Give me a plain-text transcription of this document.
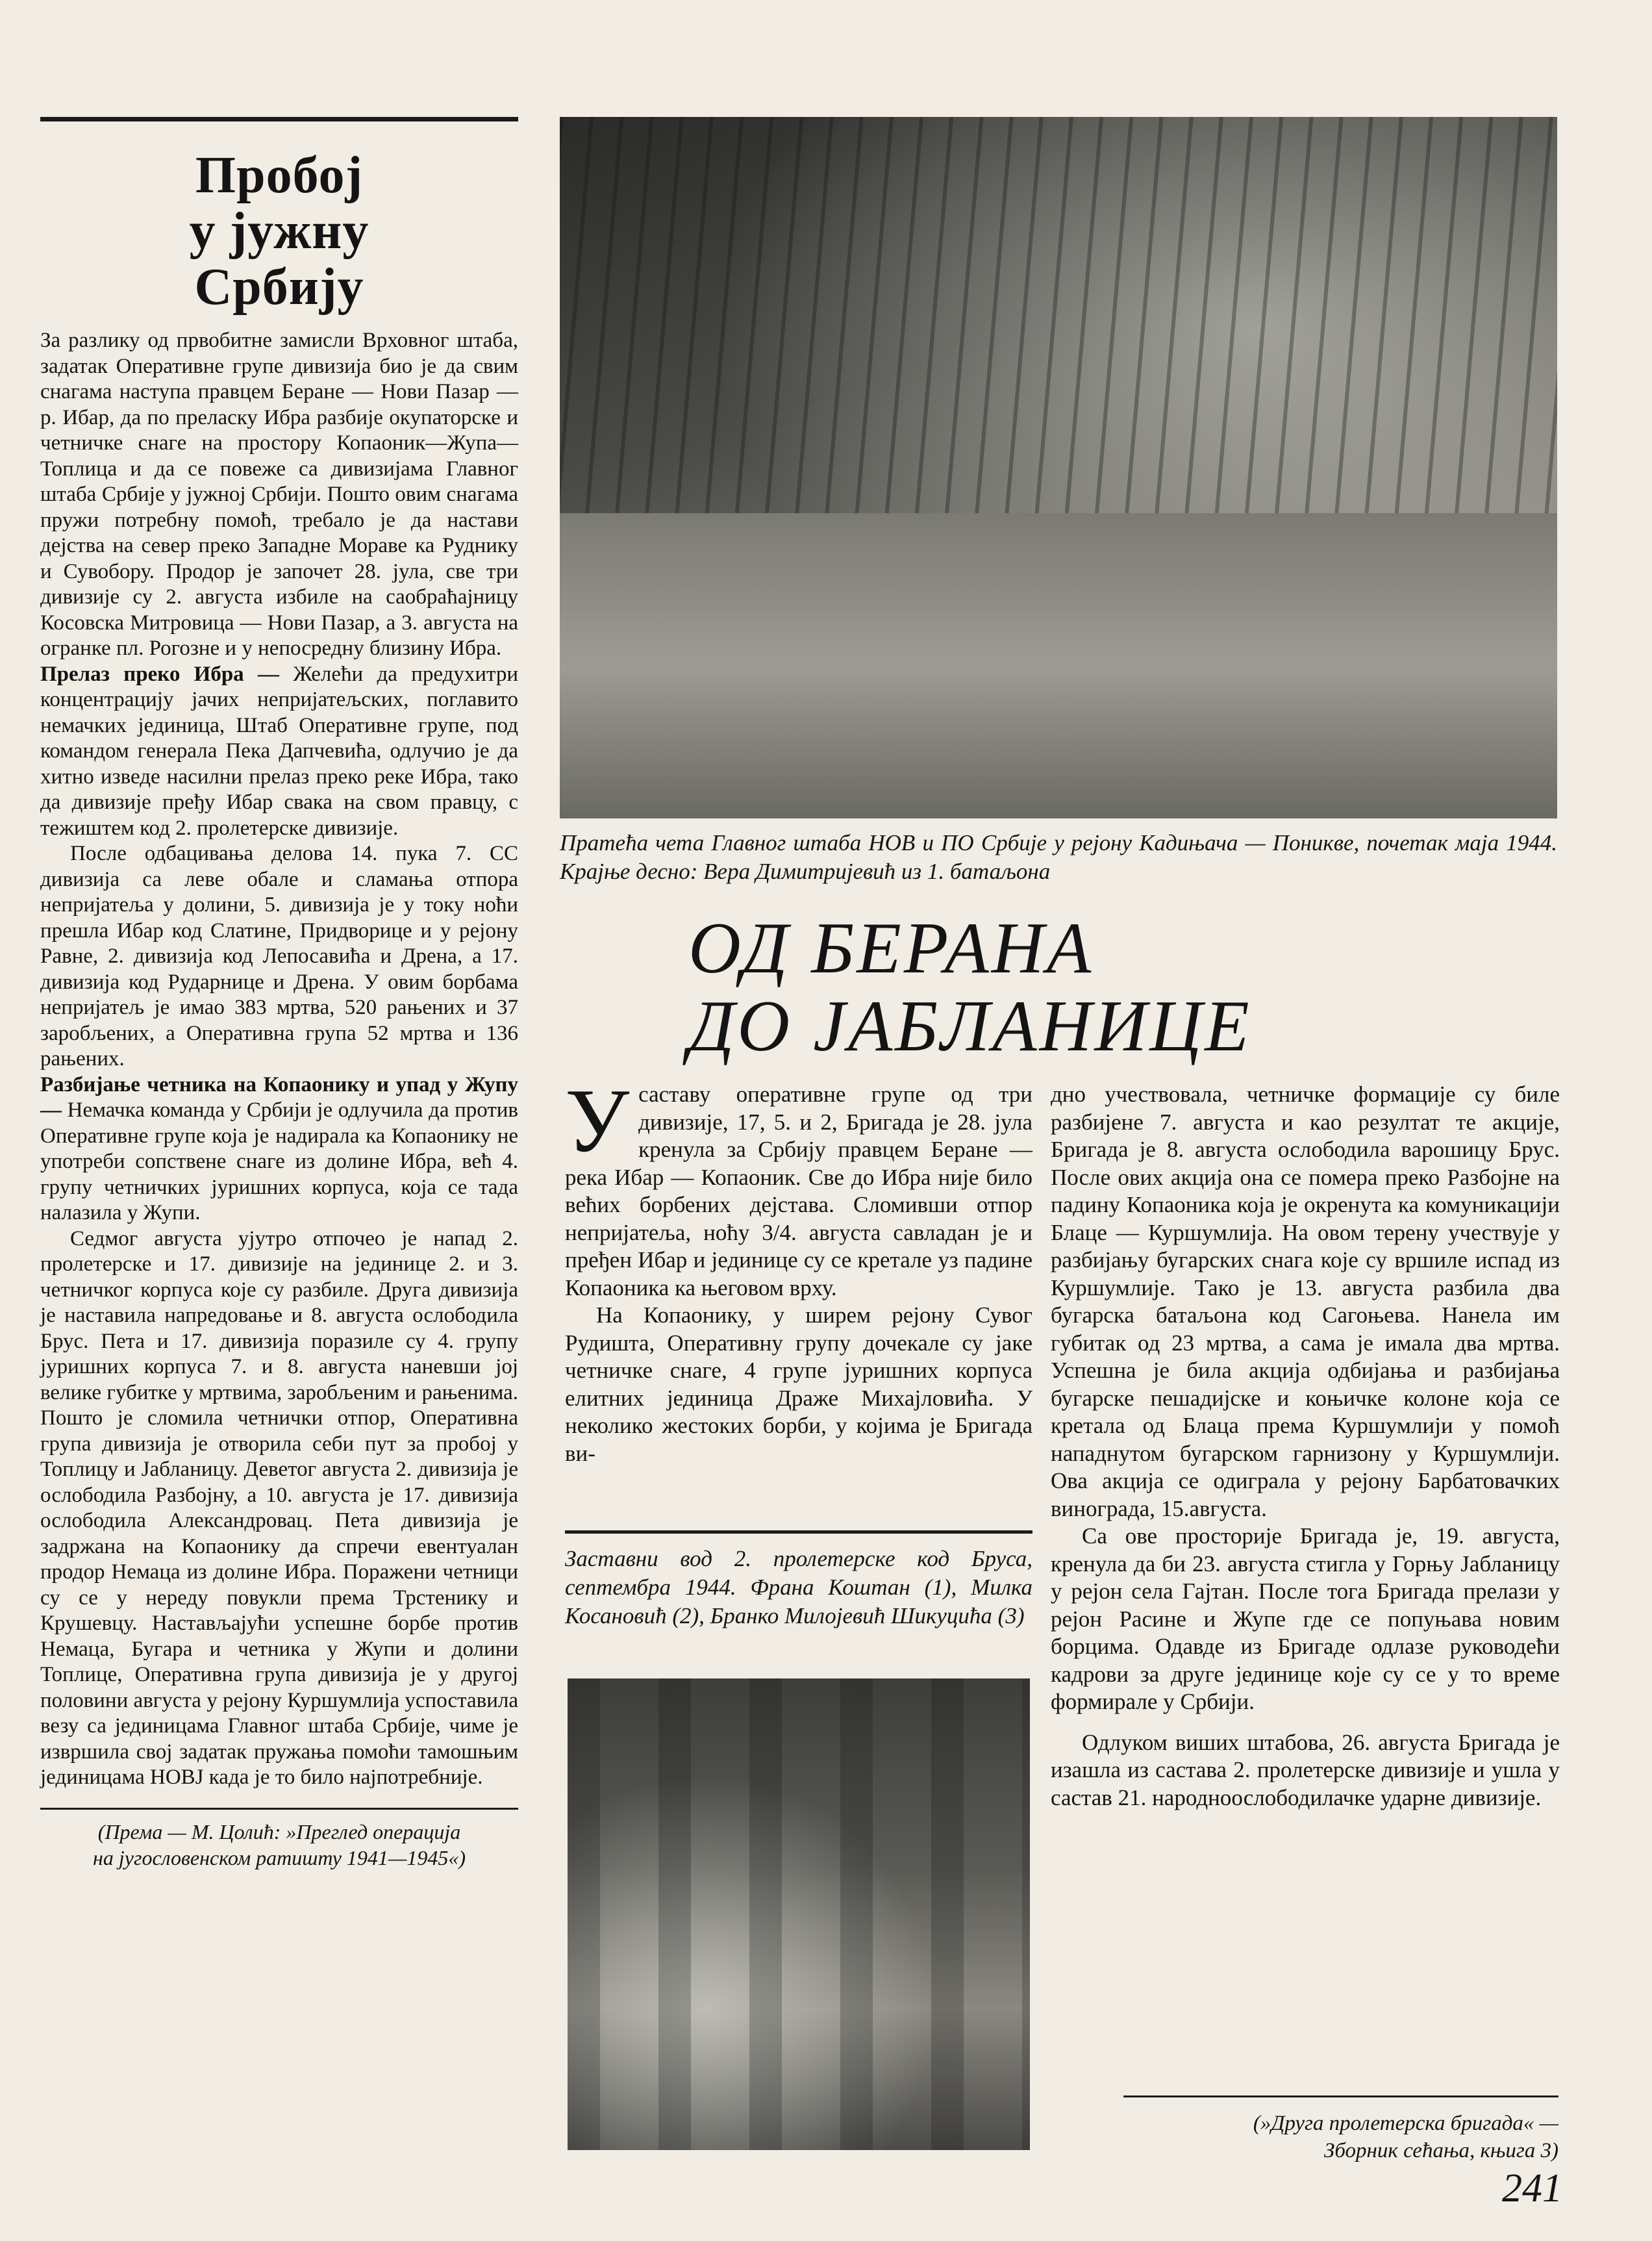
Пробој
у јужну
Србију

За разлику од првобитне замисли Врховног штаба, задатак Оперативне групе дивизија био је да свим снагама наступа правцем Беране — Нови Пазар — р. Ибар, да по преласку Ибра разбије окупаторске и четничке снаге на простору Копаоник—Жупа—Топлица и да се повеже са дивизијама Главног штаба Србије у јужној Србији. Пошто овим снагама пружи потребну помоћ, требало је да настави дејства на север преко Западне Мораве ка Руднику и Сувобору. Продор је започет 28. јула, све три дивизије су 2. августа избиле на саобраћајницу Косовска Митровица — Нови Пазар, а 3. августа на огранке пл. Рогозне и у непосредну близину Ибра.

Прелаз преко Ибра — Желећи да предухитри концентрацију јачих непријатељских, поглавито немачких јединица, Штаб Оперативне групе, под командом генерала Пека Дапчевића, одлучио је да хитно изведе насилни прелаз преко реке Ибра, тако да дивизије пређу Ибар свака на свом правцу, с тежиштем код 2. пролетерске дивизије.

После одбацивања делова 14. пука 7. СС дивизија са леве обале и сламања отпора непријатеља у долини, 5. дивизија је у току ноћи прешла Ибар код Слатине, Придворице и у рејону Равне, 2. дивизија код Лепосавића и Дрена, а 17. дивизија код Рударнице и Дрена. У овим борбама непријатељ је имао 383 мртва, 520 рањених и 37 заробљених, а Оперативна група 52 мртва и 136 рањених.

Разбијање четника на Копаонику и упад у Жупу — Немачка команда у Србији је одлучила да против Оперативне групе која је надирала ка Копаонику не употреби сопствене снаге из долине Ибра, већ 4. групу четничких јуришних корпуса, која се тада налазила у Жупи.

Седмог августа ујутро отпочео је напад 2. пролетерске и 17. дивизије на јединице 2. и 3. четничког корпуса које су разбиле. Друга дивизија је наставила напредовање и 8. августа ослободила Брус. Пета и 17. дивизија поразиле су 4. групу јуришних корпуса 7. и 8. августа наневши јој велике губитке у мртвима, заробљеним и рањенима. Пошто је сломила четнички отпор, Оперативна група дивизија је отворила себи пут за пробој у Топлицу и Јабланицу. Деветог августа 2. дивизија је ослободила Разбојну, а 10. августа је 17. дивизија ослободила Александровац. Пета дивизија је задржана на Копаонику да спречи евентуалан продор Немаца из долине Ибра. Поражени четници су се у нереду повукли према Трстенику и Крушевцу. Настављајући успешне борбе против Немаца, Бугара и четника у Жупи и долини Топлице, Оперативна група дивизија је у другој половини августа у рејону Куршумлија успоставила везу са јединицама Главног штаба Србије, чиме је извршила свој задатак пружања помоћи тамошњим јединицама НОВЈ када је то било најпотребније.

(Према — М. Цолић: »Преглед операција
на југословенском ратишту 1941—1945«)
Пратећа чета Главног штаба НОВ и ПО Србије у рејону Кадињача — Поникве, почетак маја 1944. Крајње десно: Вера Димитријевић из 1. батаљона
ОД БЕРАНА
ДО ЈАБЛАНИЦЕ

Усаставу оперативне групе од три дивизије, 17, 5. и 2, Бригада је 28. јула кренула за Србију правцем Беране — река Ибар — Копаоник. Све до Ибра није било већих борбених дејстава. Сломивши отпор непријатеља, ноћу 3/4. августа савладан је и пређен Ибар и јединице су се кретале уз падине Копаоника ка његовом врху.

На Копаонику, у ширем рејону Сувог Рудишта, Оперативну групу дочекале су јаке четничке снаге, 4 групе јуришних корпуса елитних јединица Драже Михајловића. У неколико жестоких борби, у којима је Бригада ви-

Заставни вод 2. пролетерске код Бруса, септембра 1944. Франа Коштан (1), Милка Косановић (2), Бранко Милојевић Шикуцића (3)

дно учествовала, четничке формације су биле разбијене 7. августа и као резултат те акције, Бригада је 8. августа ослободила варошицу Брус. После ових акција она се помера преко Разбојне на падину Копаоника која је окренута ка комуникацији Блаце — Куршумлија. На овом терену учествује у разбијању бугарских снага које су вршиле испад из Куршумлије. Тако је 13. августа разбила два бугарска батаљона код Сагоњева. Нанела им губитак од 23 мртва, а сама је имала два мртва. Успешна је била акција одбијања и разбијања бугарске пешадијске и коњичке колоне која се кретала од Блаца према Куршумлији у помоћ нападнутом бугарском гарнизону у Куршумлији. Ова акција се одиграла у рејону Барбатовачких винограда, 15.августа.

Са ове просторије Бригада је, 19. августа, кренула да би 23. августа стигла у Горњу Јабланицу у рејон села Гајтан. После тога Бригада прелази у рејон Расине и Жупе где се попуњава новим борцима. Одавде из Бригаде одлазе руководећи кадрови за друге јединице које су се у то време формирале у Србији.

Одлуком виших штабова, 26. августа Бригада је изашла из састава 2. пролетерске дивизије и ушла у састав 21. народноослободилачке ударне дивизије.

(»Друга пролетерска бригада« —
Зборник сећања, књига 3)
241
